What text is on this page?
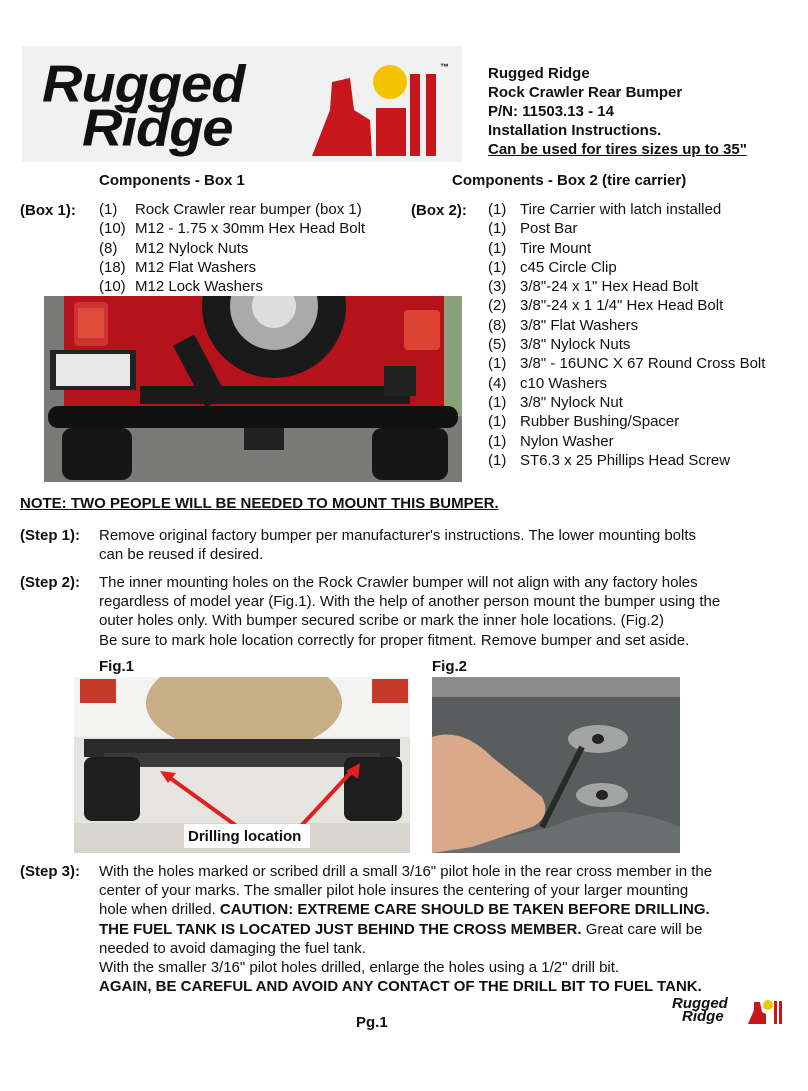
Rugged
Ridge
™	Rugged Ridge
Rock Crawler Rear Bumper
P/N: 11503.13 - 14
Installation Instructions.
Can be used for tires sizes up to 35"
Components - Box 1	Components - Box 2 (tire carrier)
(Box 1): (1) Rock Crawler rear bumper (box 1)
(10) M12 - 1.75 x 30mm Hex Head Bolt
(8) M12 Nylock Nuts
(18) M12 Flat Washers
(10) M12 Lock Washers
(Box 2): (1) Tire Carrier with latch installed
(1) Post Bar
(1) Tire Mount
(1) c45 Circle Clip
(3) 3/8"-24 x 1" Hex Head Bolt
(2) 3/8"-24 x 1 1/4" Hex Head Bolt
(8) 3/8" Flat Washers
(5) 3/8" Nylock Nuts
(1) 3/8" - 16UNC X 67 Round Cross Bolt
(4) c10 Washers
(1) 3/8" Nylock Nut
(1) Rubber Bushing/Spacer
(1) Nylon Washer
(1) ST6.3 x 25 Phillips Head Screw
NOTE: TWO PEOPLE WILL BE NEEDED TO MOUNT THIS BUMPER.
(Step 1): Remove original factory bumper per manufacturer's instructions. The lower mounting bolts

can be reused if desired.

(Step 2): The inner mounting holes on the Rock Crawler bumper will not align with any factory holes

regardless of model year (Fig.1). With the help of another person mount the bumper using the

outer holes only. With bumper secured scribe or mark the inner hole locations. (Fig.2)

Be sure to mark hole location correctly for proper fitment. Remove bumper and set aside.

Fig.1	Fig.2
Drilling location
(Step 3): With the holes marked or scribed drill a small 3/16" pilot hole in the rear cross member in the

center of your marks. The smaller pilot hole insures the centering of your larger mounting

hole when drilled. CAUTION: EXTREME CARE SHOULD BE TAKEN BEFORE DRILLING.

THE FUEL TANK IS LOCATED JUST BEHIND THE CROSS MEMBER. Great care will be

needed to avoid damaging the fuel tank.

With the smaller 3/16" pilot holes drilled, enlarge the holes using a 1/2" drill bit.

AGAIN, BE CAREFUL AND AVOID ANY CONTACT OF THE DRILL BIT TO FUEL TANK.

Pg.1
Rugged
Ridge
